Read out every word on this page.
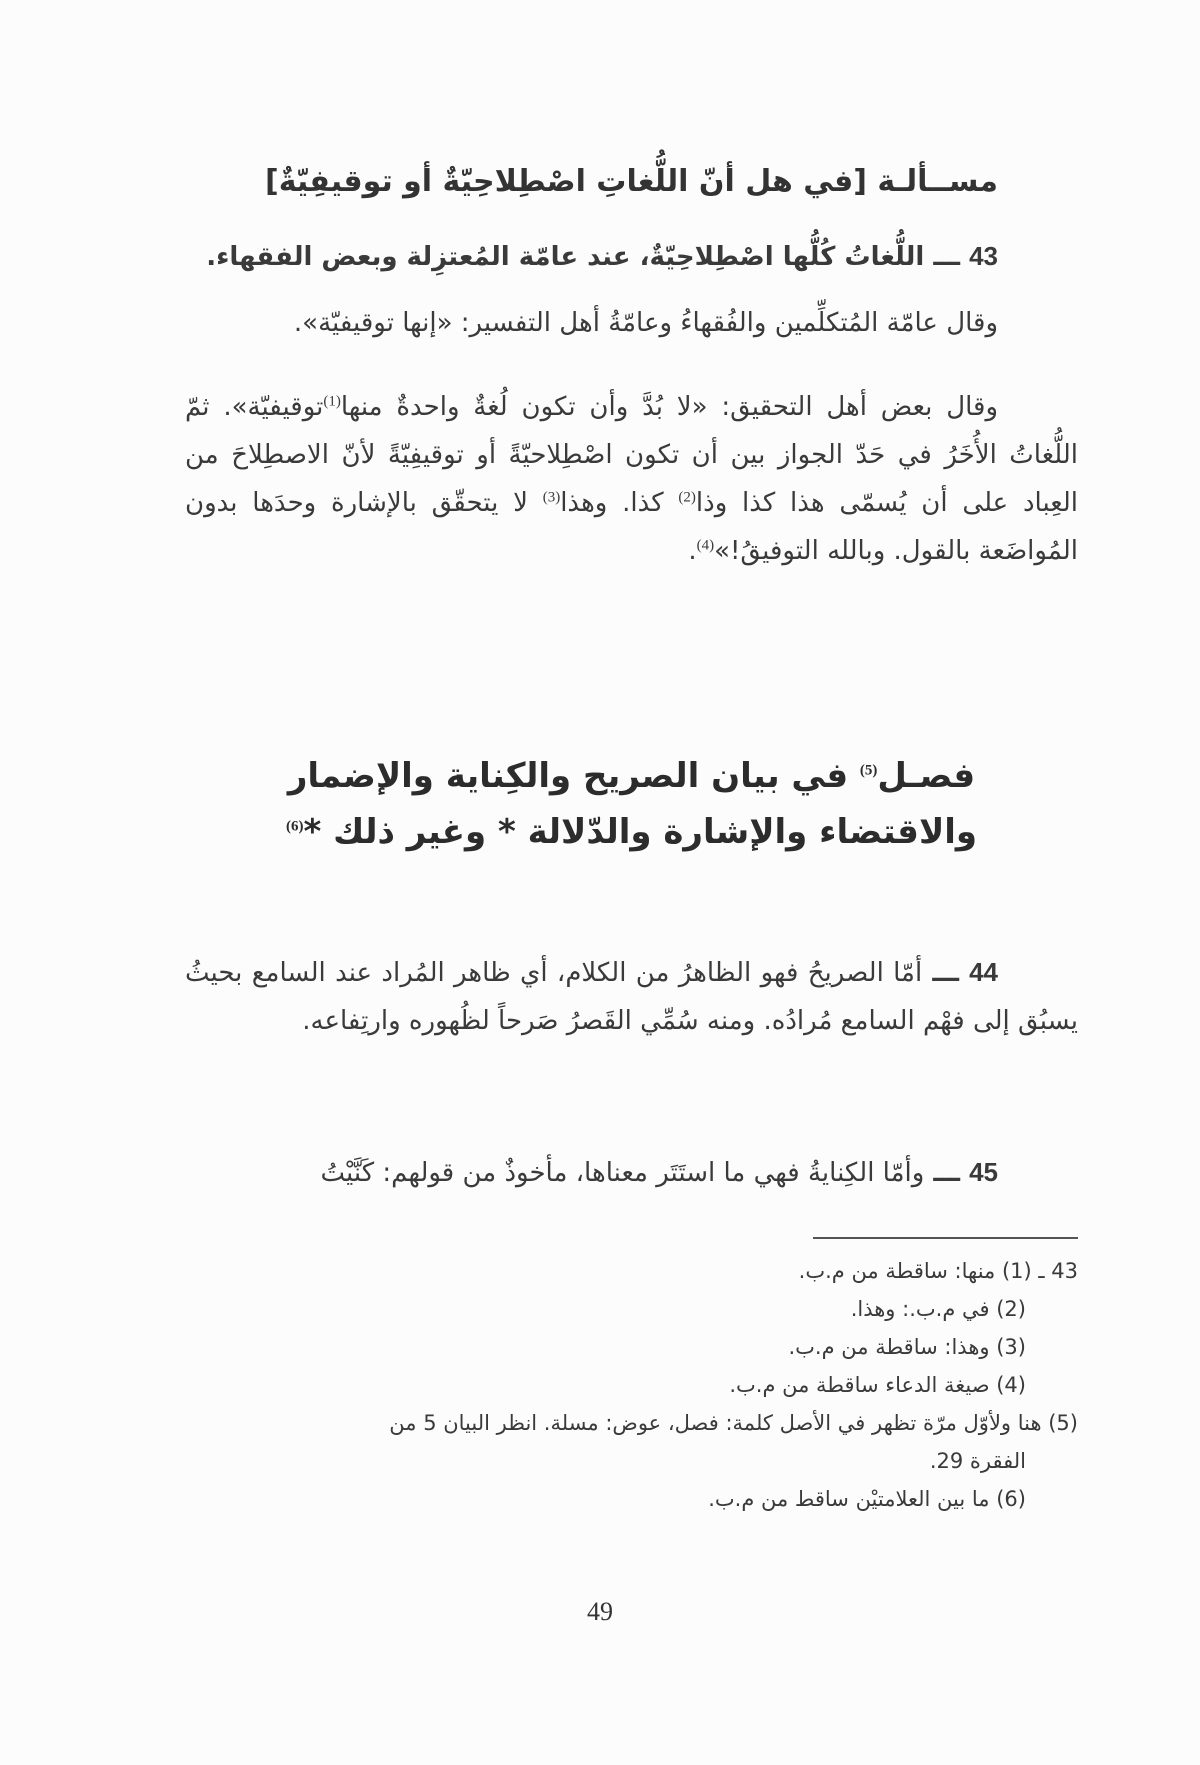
مســألـة [في هل أنّ اللُّغاتِ اصْطِلاحِيّةٌ أو توقيفِيّةٌ]

43 ـــ اللُّغاتُ كُلُّها اصْطِلاحِيّةٌ، عند عامّة المُعتزِلة وبعض الفقهاء.

وقال عامّة المُتكلِّمين والفُقهاءُ وعامّةُ أهل التفسير: «إنها توقيفيّة».

وقال بعض أهل التحقيق: «لا بُدَّ وأن تكون لُغةٌ واحدةٌ منها$^{(1)}$توقيفيّة». ثمّ اللُّغاتُ الأُخَرُ في حَدّ الجواز بين أن تكون اصْطِلاحيّةً أو توقيفِيّةً لأنّ الاصطِلاحَ من العِباد على أن يُسمّى هذا كذا وذا$^{(2)}$ كذا. وهذا$^{(3)}$ لا يتحقّق بالإشارة وحدَها بدون المُواضَعة بالقول. وبالله التوفيقُ!»$^{(4)}$.

فصـل$^{(5)}$ في بيان الصريح والكِناية والإضمار
والاقتضاء والإشارة والدّلالة * وغير ذلك *$^{(6)}$

44 ـــ أمّا الصريحُ فهو الظاهرُ من الكلام، أي ظاهر المُراد عند السامع بحيثُ يسبُق إلى فهْم السامع مُرادُه. ومنه سُمِّي القَصرُ صَرحاً لظُهوره وارتِفاعه.

45 ـــ وأمّا الكِنايةُ فهي ما استَتَر معناها، مأخوذٌ من قولهم: كَنَّيْتُ

43 ـ (1) منها: ساقطة من م.ب.

(2) في م.ب.: وهذا.

(3) وهذا: ساقطة من م.ب.

(4) صيغة الدعاء ساقطة من م.ب.

(5) هنا ولأوّل مرّة تظهر في الأصل كلمة: فصل، عوض: مسلة. انظر البيان 5 من
الفقرة 29.

(6) ما بين العلامتيْن ساقط من م.ب.

49
